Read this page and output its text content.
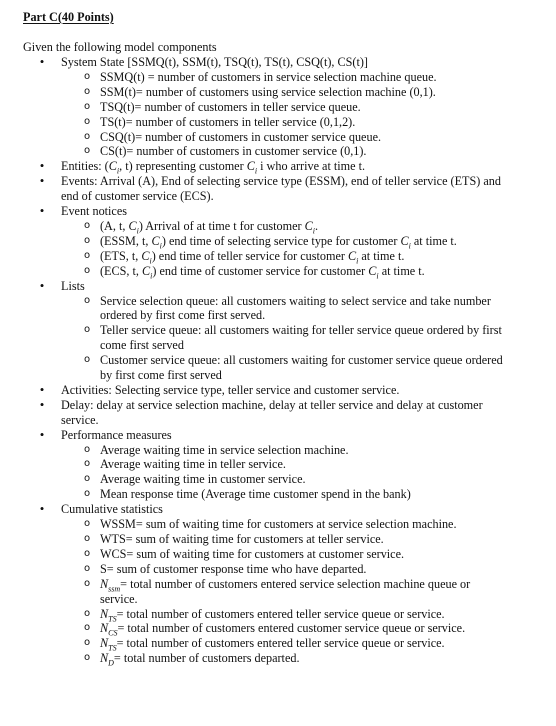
Part C(40 Points)
Given the following model components
• System State [SSMQ(t), SSM(t), TSQ(t), TS(t), CSQ(t), CS(t)]
o SSMQ(t) = number of customers in service selection machine queue.
o SSM(t)= number of customers using service selection machine (0,1).
o TSQ(t)= number of customers in teller service queue.
o TS(t)= number of customers in teller service (0,1,2).
o CSQ(t)= number of customers in customer service queue.
o CS(t)= number of customers in customer service (0,1).
• Entities: ($C_i$, t) representing customer $C_i$ i who arrive at time t.
• Events: Arrival (A), End of selecting service type (ESSM), end of teller service (ETS) and end of customer service (ECS).
• Event notices
o (A, t, $C_i$) Arrival of at time t for customer $C_i$.
o (ESSM, t, $C_i$) end time of selecting service type for customer $C_i$ at time t.
o (ETS, t, $C_i$) end time of teller service for customer $C_i$ at time t.
o (ECS, t, $C_i$) end time of customer service for customer $C_i$ at time t.
• Lists
o Service selection queue: all customers waiting to select service and take number ordered by first come first served.
o Teller service queue: all customers waiting for teller service queue ordered by first come first served
o Customer service queue: all customers waiting for customer service queue ordered by first come first served
• Activities: Selecting service type, teller service and customer service.
• Delay: delay at service selection machine, delay at teller service and delay at customer service.
• Performance measures
o Average waiting time in service selection machine.
o Average waiting time in teller service.
o Average waiting time in customer service.
o Mean response time (Average time customer spend in the bank)
• Cumulative statistics
o WSSM= sum of waiting time for customers at service selection machine.
o WTS= sum of waiting time for customers at teller service.
o WCS= sum of waiting time for customers at customer service.
o S= sum of customer response time who have departed.
o $N_{ssm}=$ total number of customers entered service selection machine queue or service.
o $N_{TS}=$ total number of customers entered teller service queue or service.
o $N_{CS}=$ total number of customers entered customer service queue or service.
o $N_{TS}=$ total number of customers entered teller service queue or service.
o $N_D=$ total number of customers departed.
